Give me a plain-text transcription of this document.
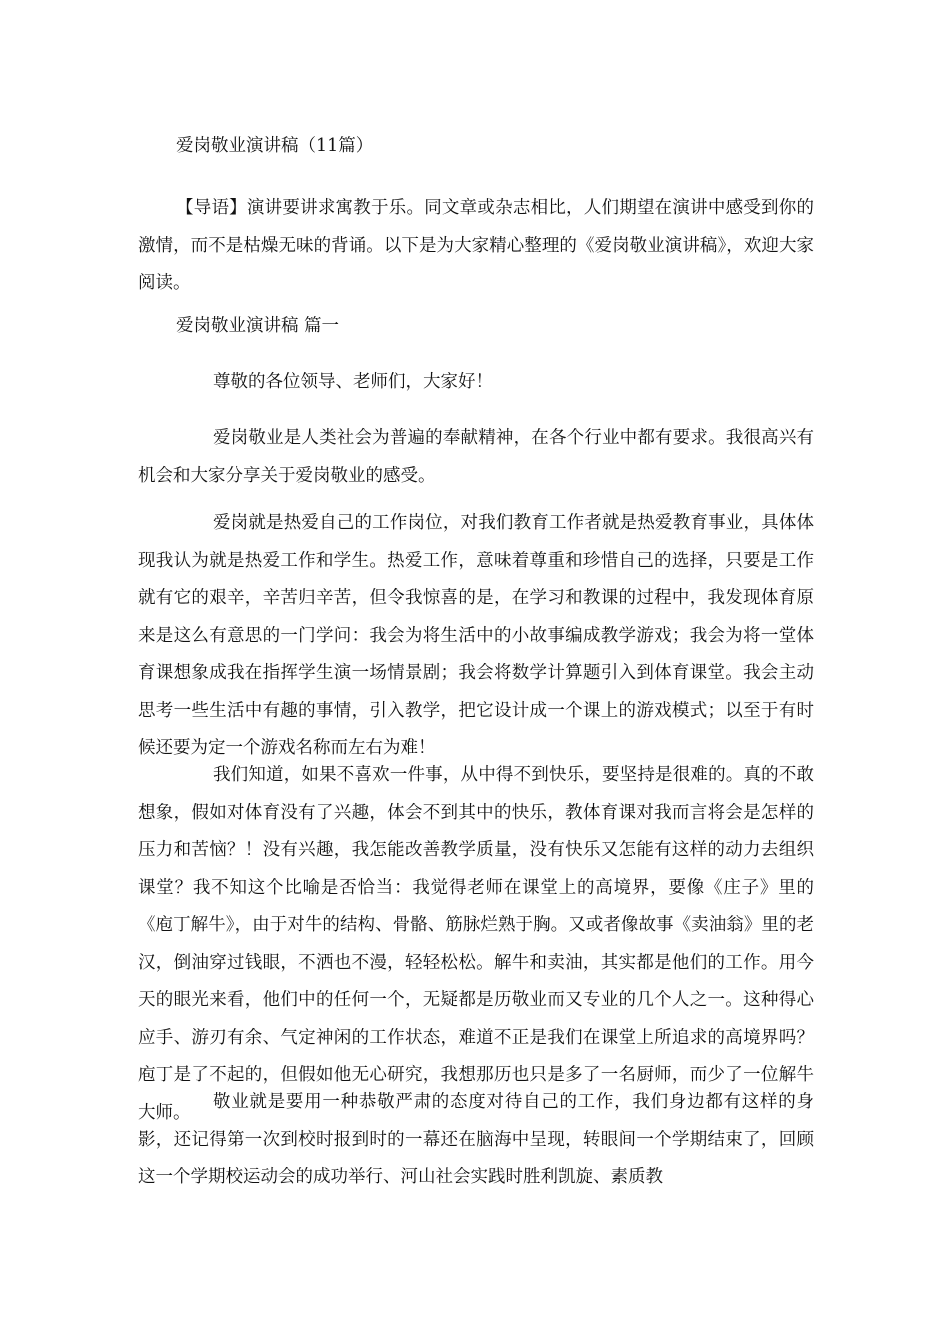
爱岗敬业演讲稿（11篇）
【导语】演讲要讲求寓教于乐。同文章或杂志相比，人们期望在演讲中感受到你的激情，而不是枯燥无味的背诵。以下是为大家精心整理的《爱岗敬业演讲稿》，欢迎大家阅读。
爱岗敬业演讲稿 篇一

尊敬的各位领导、老师们，大家好！

爱岗敬业是人类社会为普遍的奉献精神，在各个行业中都有要求。我很高兴有机会和大家分享关于爱岗敬业的感受。

爱岗就是热爱自己的工作岗位，对我们教育工作者就是热爱教育事业，具体体现我认为就是热爱工作和学生。热爱工作，意味着尊重和珍惜自己的选择，只要是工作就有它的艰辛，辛苦归辛苦，但令我惊喜的是，在学习和教课的过程中，我发现体育原来是这么有意思的一门学问：我会为将生活中的小故事编成教学游戏；我会为将一堂体育课想象成我在指挥学生演一场情景剧；我会将数学计算题引入到体育课堂。我会主动思考一些生活中有趣的事情，引入教学，把它设计成一个课上的游戏模式；以至于有时候还要为定一个游戏名称而左右为难！

我们知道，如果不喜欢一件事，从中得不到快乐，要坚持是很难的。真的不敢想象，假如对体育没有了兴趣，体会不到其中的快乐，教体育课对我而言将会是怎样的压力和苦恼？！没有兴趣，我怎能改善教学质量，没有快乐又怎能有这样的动力去组织课堂？我不知这个比喻是否恰当：我觉得老师在课堂上的高境界，要像《庄子》里的《庖丁解牛》，由于对牛的结构、骨骼、筋脉烂熟于胸。又或者像故事《卖油翁》里的老汉，倒油穿过钱眼，不洒也不漫，轻轻松松。解牛和卖油，其实都是他们的工作。用今天的眼光来看，他们中的任何一个，无疑都是历敬业而又专业的几个人之一。这种得心应手、游刃有余、气定神闲的工作状态，难道不正是我们在课堂上所追求的高境界吗？庖丁是了不起的，但假如他无心研究，我想那历也只是多了一名厨师，而少了一位解牛大师。

敬业就是要用一种恭敬严肃的态度对待自己的工作，我们身边都有这样的身影，还记得第一次到校时报到时的一幕还在脑海中呈现，转眼间一个学期结束了，回顾这一个学期校运动会的成功举行、河山社会实践时胜利凯旋、素质教
